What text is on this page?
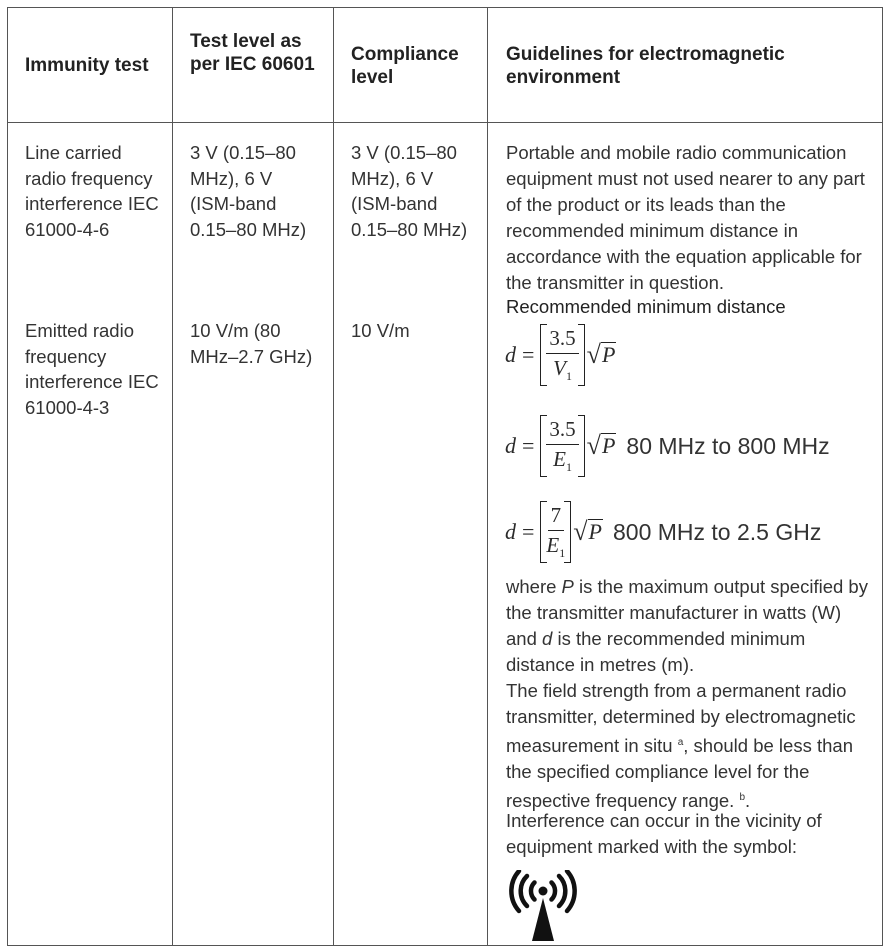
Immunity test
Test level as per IEC 60601 Compliance level
Guidelines for electromagnetic environment
Line carried radio frequency interference IEC 61000-4-6
3 V (0.15–80 MHz), 6 V (ISM-band 0.15–80 MHz)
3 V (0.15–80 MHz), 6 V (ISM-band 0.15–80 MHz)
Emitted radio frequency interference IEC 61000-4-3
10 V/m (80 MHz–2.7 GHz)
10 V/m
Portable and mobile radio communication equipment must not used nearer to any part of the product or its leads than the recommended minimum distance in accordance with the equation applicable for the transmitter in question.
Recommended minimum distance
$d = \frac{3.5}{V_1}$ √ P
$d = \frac{3.5}{E_1}$ √ P 80 MHz to 800 MHz
$d = \frac{7}{E_1}$ √ P 800 MHz to 2.5 GHz
where P is the maximum output specified by the transmitter manufacturer in watts (W) and d is the recommended minimum distance in metres (m).
The field strength from a permanent radio transmitter, determined by electromagnetic measurement in situ $^a$, should be less than the specified compliance level for the respective frequency range. $^b$.
Interference can occur in the vicinity of equipment marked with the symbol:
